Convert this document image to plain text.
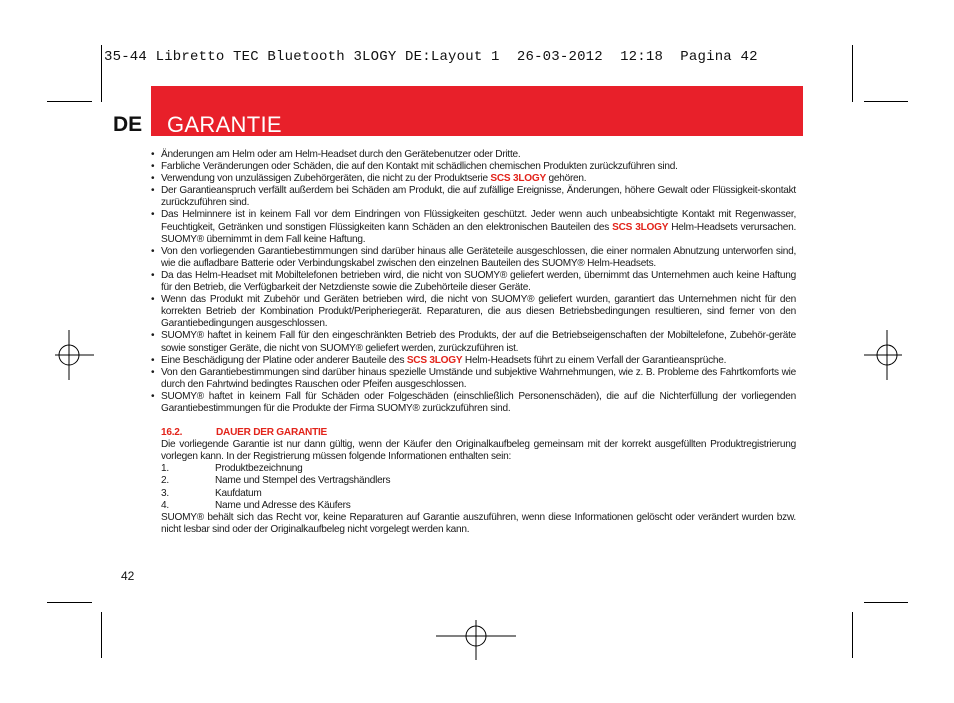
35-44 Libretto TEC Bluetooth 3LOGY DE:Layout 1  26-03-2012  12:18  Pagina 42
DE GARANTIE
• Änderungen am Helm oder am Helm-Headset durch den Gerätebenutzer oder Dritte.
• Farbliche Veränderungen oder Schäden, die auf den Kontakt mit schädlichen chemischen Produkten zurückzuführen sind.
• Verwendung von unzulässigen Zubehörgeräten, die nicht zu der Produktserie SCS 3LOGY gehören.
• Der Garantieanspruch verfällt außerdem bei Schäden am Produkt, die auf zufällige Ereignisse, Änderungen, höhere Gewalt oder Flüssigkeit-skontakt zurückzuführen sind.
• Das Helminnere ist in keinem Fall vor dem Eindringen von Flüssigkeiten geschützt. Jeder wenn auch unbeabsichtigte Kontakt mit Regenwasser, Feuchtigkeit, Getränken und sonstigen Flüssigkeiten kann Schäden an den elektronischen Bauteilen des SCS 3LOGY Helm-Headsets verursachen. SUOMY® übernimmt in dem Fall keine Haftung.
• Von den vorliegenden Garantiebestimmungen sind darüber hinaus alle Geräteteile ausgeschlossen, die einer normalen Abnutzung unterworfen sind, wie die aufladbare Batterie oder Verbindungskabel zwischen den einzelnen Bauteilen des SUOMY® Helm-Headsets.
• Da das Helm-Headset mit Mobiltelefonen betrieben wird, die nicht von SUOMY® geliefert werden, übernimmt das Unternehmen auch keine Haftung für den Betrieb, die Verfügbarkeit der Netzdienste sowie die Zubehörteile dieser Geräte.
• Wenn das Produkt mit Zubehör und Geräten betrieben wird, die nicht von SUOMY® geliefert wurden, garantiert das Unternehmen nicht für den korrekten Betrieb der Kombination Produkt/Peripheriegerät. Reparaturen, die aus diesen Betriebsbedingungen resultieren, sind ferner von den Garantiebedingungen ausgeschlossen.
• SUOMY® haftet in keinem Fall für den eingeschränkten Betrieb des Produkts, der auf die Betriebseigenschaften der Mobiltelefone, Zubehör-geräte sowie sonstiger Geräte, die nicht von SUOMY® geliefert werden, zurückzuführen ist.
• Eine Beschädigung der Platine oder anderer Bauteile des SCS 3LOGY Helm-Headsets führt zu einem Verfall der Garantieansprüche.
• Von den Garantiebestimmungen sind darüber hinaus spezielle Umstände und subjektive Wahrnehmungen, wie z. B. Probleme des Fahrtkomforts wie durch den Fahrtwind bedingtes Rauschen oder Pfeifen ausgeschlossen.
• SUOMY® haftet in keinem Fall für Schäden oder Folgeschäden (einschließlich Personenschäden), die auf die Nichterfüllung der vorliegenden Garantiebestimmungen für die Produkte der Firma SUOMY® zurückzuführen sind.
16.2.	DAUER DER GARANTIE
Die vorliegende Garantie ist nur dann gültig, wenn der Käufer den Originalkaufbeleg gemeinsam mit der korrekt ausgefüllten Produktregistrierung vorlegen kann. In der Registrierung müssen folgende Informationen enthalten sein:
1.	Produktbezeichnung
2.	Name und Stempel des Vertragshändlers
3.	Kaufdatum
4.	Name und Adresse des Käufers
SUOMY® behält sich das Recht vor, keine Reparaturen auf Garantie auszuführen, wenn diese Informationen gelöscht oder verändert wurden bzw. nicht lesbar sind oder der Originalkaufbeleg nicht vorgelegt werden kann.
42
